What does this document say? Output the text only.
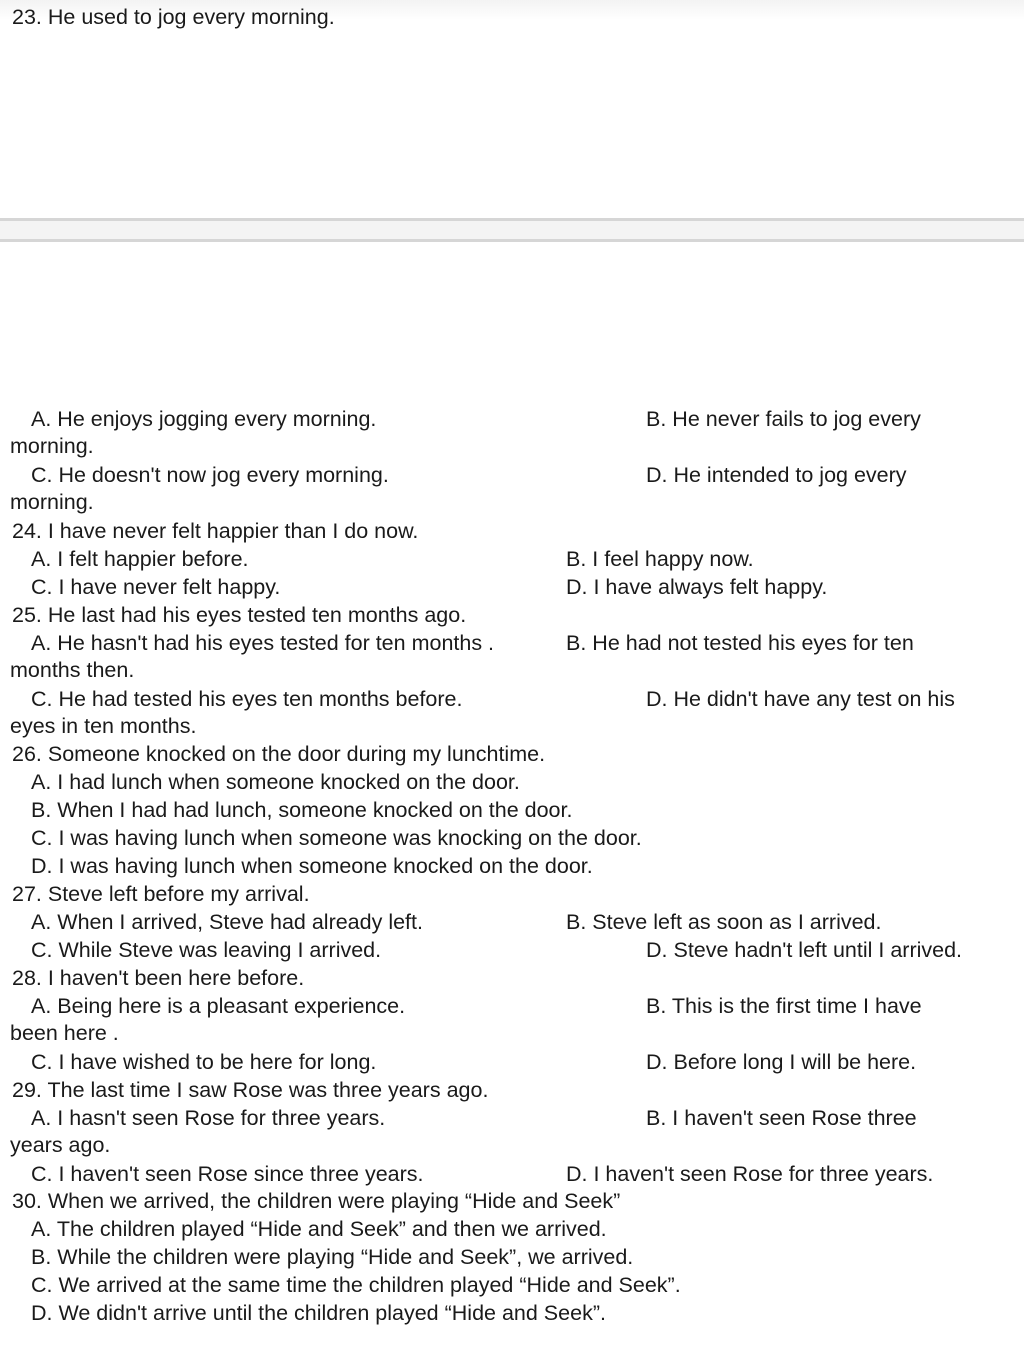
23. He used to jog every morning.
A. He enjoys jogging every morning.	B. He never fails to jog every
morning.
C. He doesn't now jog every morning.	D. He intended to jog every
morning.
24. I have never felt happier than I do now.
A. I felt happier before.	B. I feel happy now.
C. I have never felt happy.	D. I have always felt happy.
25. He last had his eyes tested ten months ago.
A. He hasn't had his eyes tested for ten months .	B. He had not tested his eyes for ten
months then.
C. He had tested his eyes ten months before.	D. He didn't have any test on his
eyes in ten months.
26. Someone knocked on the door during my lunchtime.
A. I had lunch when someone knocked on the door.
B. When I had had lunch, someone knocked on the door.
C. I was having lunch when someone was knocking on the door.
D. I was having lunch when someone knocked on the door.
27. Steve left before my arrival.
A. When I arrived, Steve had already left.	B. Steve left as soon as I arrived.
C. While Steve was leaving I arrived.	D. Steve hadn't left until I arrived.
28. I haven't been here before.
A. Being here is a pleasant experience.	B. This is the first time I have
been here .
C. I have wished to be here for long.	D. Before long I will be here.
29. The last time I saw Rose was three years ago.
A. I hasn't seen Rose for three years.	B. I haven't seen Rose three
years ago.
C. I haven't seen Rose since three years.	D. I haven't seen Rose for three years.
30. When we arrived, the children were playing “Hide and Seek”
A. The children played “Hide and Seek” and then we arrived.
B. While the children were playing “Hide and Seek”, we arrived.
C. We arrived at the same time the children played “Hide and Seek”.
D. We didn't arrive until the children played “Hide and Seek”.
